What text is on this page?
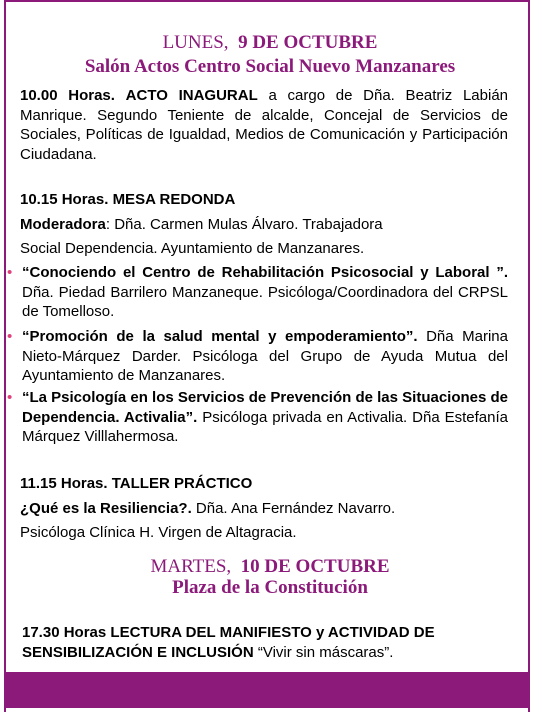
LUNES, 9 DE OCTUBRE
Salón Actos Centro Social Nuevo Manzanares
10.00 Horas. ACTO INAGURAL a cargo de Dña. Beatriz Labián Manrique. Segundo Teniente de alcalde, Concejal de Servicios de Sociales, Políticas de Igualdad, Medios de Comunicación y Participación Ciudadana.
10.15 Horas. MESA REDONDA
Moderadora: Dña. Carmen Mulas Álvaro. Trabajadora
Social Dependencia. Ayuntamiento de Manzanares.
• “Conociendo el Centro de Rehabilitación Psicosocial y Laboral ”. Dña. Piedad Barrilero Manzaneque. Psicóloga/Coordinadora del CRPSL de Tomelloso.
• “Promoción de la salud mental y empoderamiento”. Dña Marina Nieto-Márquez Darder. Psicóloga del Grupo de Ayuda Mutua del Ayuntamiento de Manzanares.
• “La Psicología en los Servicios de Prevención de las Situaciones de Dependencia. Activalia”. Psicóloga privada en Activalia. Dña Estefanía Márquez Villlahermosa.
11.15 Horas. TALLER PRÁCTICO
¿Qué es la Resiliencia?. Dña. Ana Fernández Navarro.
Psicóloga Clínica H. Virgen de Altagracia.
MARTES, 10 DE OCTUBRE
Plaza de la Constitución
17.30 Horas LECTURA DEL MANIFIESTO y ACTIVIDAD DE SENSIBILIZACIÓN E INCLUSIÓN “Vivir sin máscaras”.
